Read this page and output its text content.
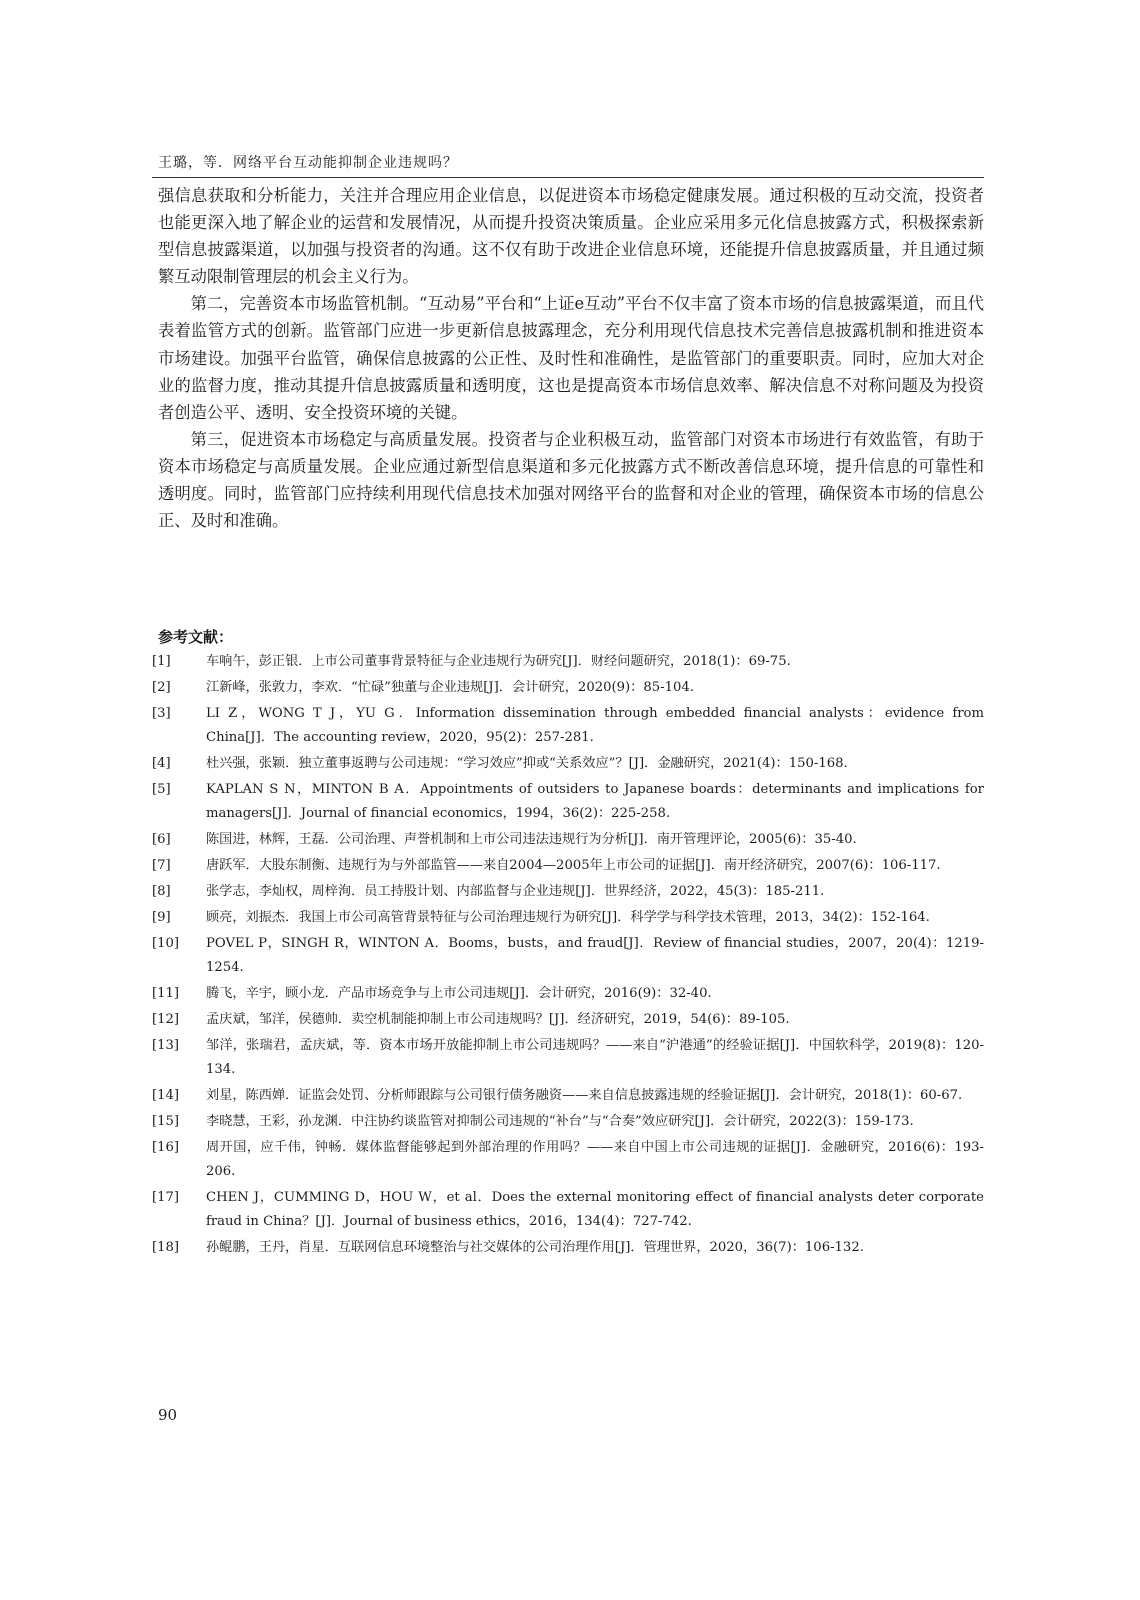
王璐，等．网络平台互动能抑制企业违规吗？

强信息获取和分析能力，关注并合理应用企业信息，以促进资本市场稳定健康发展。通过积极的互动交流，投资者也能更深入地了解企业的运营和发展情况，从而提升投资决策质量。企业应采用多元化信息披露方式，积极探索新型信息披露渠道，以加强与投资者的沟通。这不仅有助于改进企业信息环境，还能提升信息披露质量，并且通过频繁互动限制管理层的机会主义行为。

第二，完善资本市场监管机制。“互动易”平台和“上证e互动”平台不仅丰富了资本市场的信息披露渠道，而且代表着监管方式的创新。监管部门应进一步更新信息披露理念，充分利用现代信息技术完善信息披露机制和推进资本市场建设。加强平台监管，确保信息披露的公正性、及时性和准确性，是监管部门的重要职责。同时，应加大对企业的监督力度，推动其提升信息披露质量和透明度，这也是提高资本市场信息效率、解决信息不对称问题及为投资者创造公平、透明、安全投资环境的关键。

第三，促进资本市场稳定与高质量发展。投资者与企业积极互动，监管部门对资本市场进行有效监管，有助于资本市场稳定与高质量发展。企业应通过新型信息渠道和多元化披露方式不断改善信息环境，提升信息的可靠性和透明度。同时，监管部门应持续利用现代信息技术加强对网络平台的监督和对企业的管理，确保资本市场的信息公正、及时和准确。

参考文献：
[1]	车响午，彭正银．上市公司董事背景特征与企业违规行为研究[J]．财经问题研究，2018(1)：69-75.
[2]	江新峰，张敦力，李欢．“忙碌”独董与企业违规[J]．会计研究，2020(9)：85-104.
[3]	LI Z，WONG T J，YU G．Information dissemination through embedded financial analysts：evidence from China[J]．The accounting review，2020，95(2)：257-281.
[4]	杜兴强，张颖．独立董事返聘与公司违规：“学习效应”抑或“关系效应”？[J]．金融研究，2021(4)：150-168.
[5]	KAPLAN S N，MINTON B A．Appointments of outsiders to Japanese boards：determinants and implications for managers[J]．Journal of financial economics，1994，36(2)：225-258.
[6]	陈国进，林辉，王磊．公司治理、声誉机制和上市公司违法违规行为分析[J]．南开管理评论，2005(6)：35-40.
[7]	唐跃军．大股东制衡、违规行为与外部监管——来自2004—2005年上市公司的证据[J]．南开经济研究，2007(6)：106-117.
[8]	张学志，李灿权，周梓洵．员工持股计划、内部监督与企业违规[J]．世界经济，2022，45(3)：185-211.
[9]	顾亮，刘振杰．我国上市公司高管背景特征与公司治理违规行为研究[J]．科学学与科学技术管理，2013，34(2)：152-164.
[10]	POVEL P，SINGH R，WINTON A．Booms，busts，and fraud[J]．Review of financial studies，2007，20(4)：1219-1254.
[11]	腾飞，辛宇，顾小龙．产品市场竞争与上市公司违规[J]．会计研究，2016(9)：32-40.
[12]	孟庆斌，邹洋，侯德帅．卖空机制能抑制上市公司违规吗？[J]．经济研究，2019，54(6)：89-105.
[13]	邹洋，张瑞君，孟庆斌，等．资本市场开放能抑制上市公司违规吗？——来自“沪港通”的经验证据[J]．中国软科学，2019(8)：120-134.
[14]	刘星，陈西婵．证监会处罚、分析师跟踪与公司银行债务融资——来自信息披露违规的经验证据[J]．会计研究，2018(1)：60-67.
[15]	李晓慧，王彩，孙龙渊．中注协约谈监管对抑制公司违规的“补台”与“合奏”效应研究[J]．会计研究，2022(3)：159-173.
[16]	周开国，应千伟，钟畅．媒体监督能够起到外部治理的作用吗？——来自中国上市公司违规的证据[J]．金融研究，2016(6)：193-206.
[17]	CHEN J，CUMMING D，HOU W，et al．Does the external monitoring effect of financial analysts deter corporate fraud in China？[J]．Journal of business ethics，2016，134(4)：727-742.
[18]	孙鲲鹏，王丹，肖星．互联网信息环境整治与社交媒体的公司治理作用[J]．管理世界，2020，36(7)：106-132.
90
